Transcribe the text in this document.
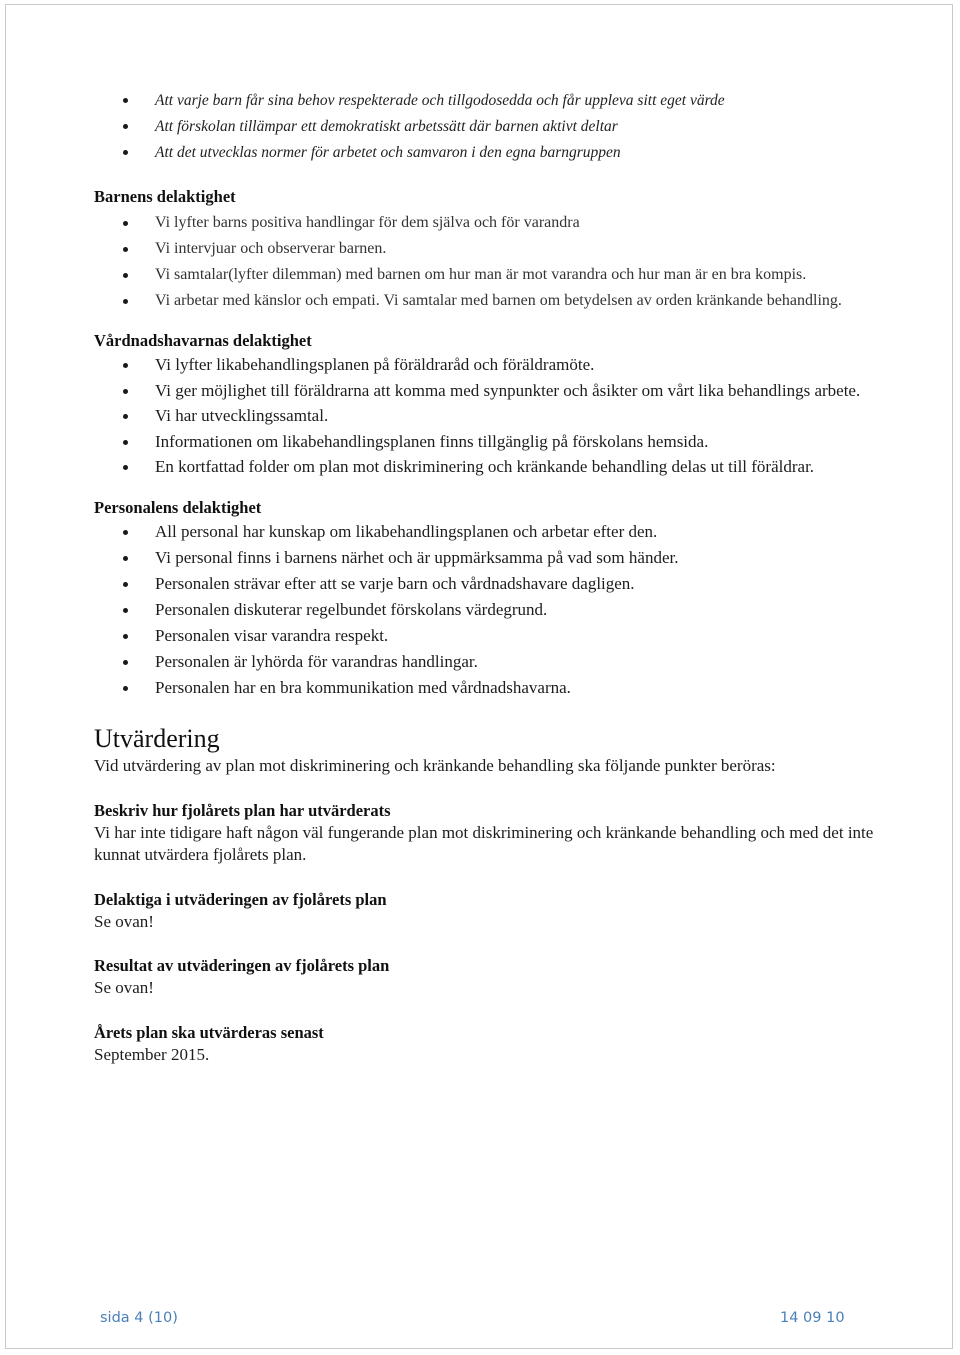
Att varje barn får sina behov respekterade och tillgodosedda och får uppleva sitt eget värde
Att förskolan tillämpar ett demokratiskt arbetssätt där barnen aktivt deltar
Att det utvecklas normer för arbetet och samvaron i den egna barngruppen
Barnens delaktighet
Vi lyfter barns positiva handlingar för dem själva och för varandra
Vi intervjuar och observerar barnen.
Vi samtalar(lyfter dilemman) med barnen om hur man är mot varandra och hur man är en bra kompis.
Vi arbetar med känslor och empati. Vi samtalar med barnen om betydelsen av orden kränkande behandling.
Vårdnadshavarnas delaktighet
Vi lyfter likabehandlingsplanen på föräldraråd och föräldramöte.
Vi ger möjlighet till föräldrarna att komma med synpunkter och åsikter om vårt lika behandlings arbete.
Vi har utvecklingssamtal.
Informationen om likabehandlingsplanen finns tillgänglig på förskolans hemsida.
En kortfattad folder om plan mot diskriminering och kränkande behandling delas ut till föräldrar.
Personalens delaktighet
All personal har kunskap om likabehandlingsplanen och arbetar efter den.
Vi personal finns i barnens närhet och är uppmärksamma på vad som händer.
Personalen strävar efter att se varje barn och vårdnadshavare dagligen.
Personalen diskuterar regelbundet förskolans värdegrund.
Personalen visar varandra respekt.
Personalen är lyhörda för varandras handlingar.
Personalen har en bra kommunikation med vårdnadshavarna.
Utvärdering

Vid utvärdering av plan mot diskriminering och kränkande behandling ska följande punkter beröras:

Beskriv hur fjolårets plan har utvärderats

Vi har inte tidigare haft någon väl fungerande plan mot diskriminering och kränkande behandling och med det inte kunnat utvärdera fjolårets plan.

Delaktiga i utväderingen av fjolårets plan

Se ovan!

Resultat av utväderingen av fjolårets plan

Se ovan!

Årets plan ska utvärderas senast

September 2015.

sida 4 (10)	14 09 10
